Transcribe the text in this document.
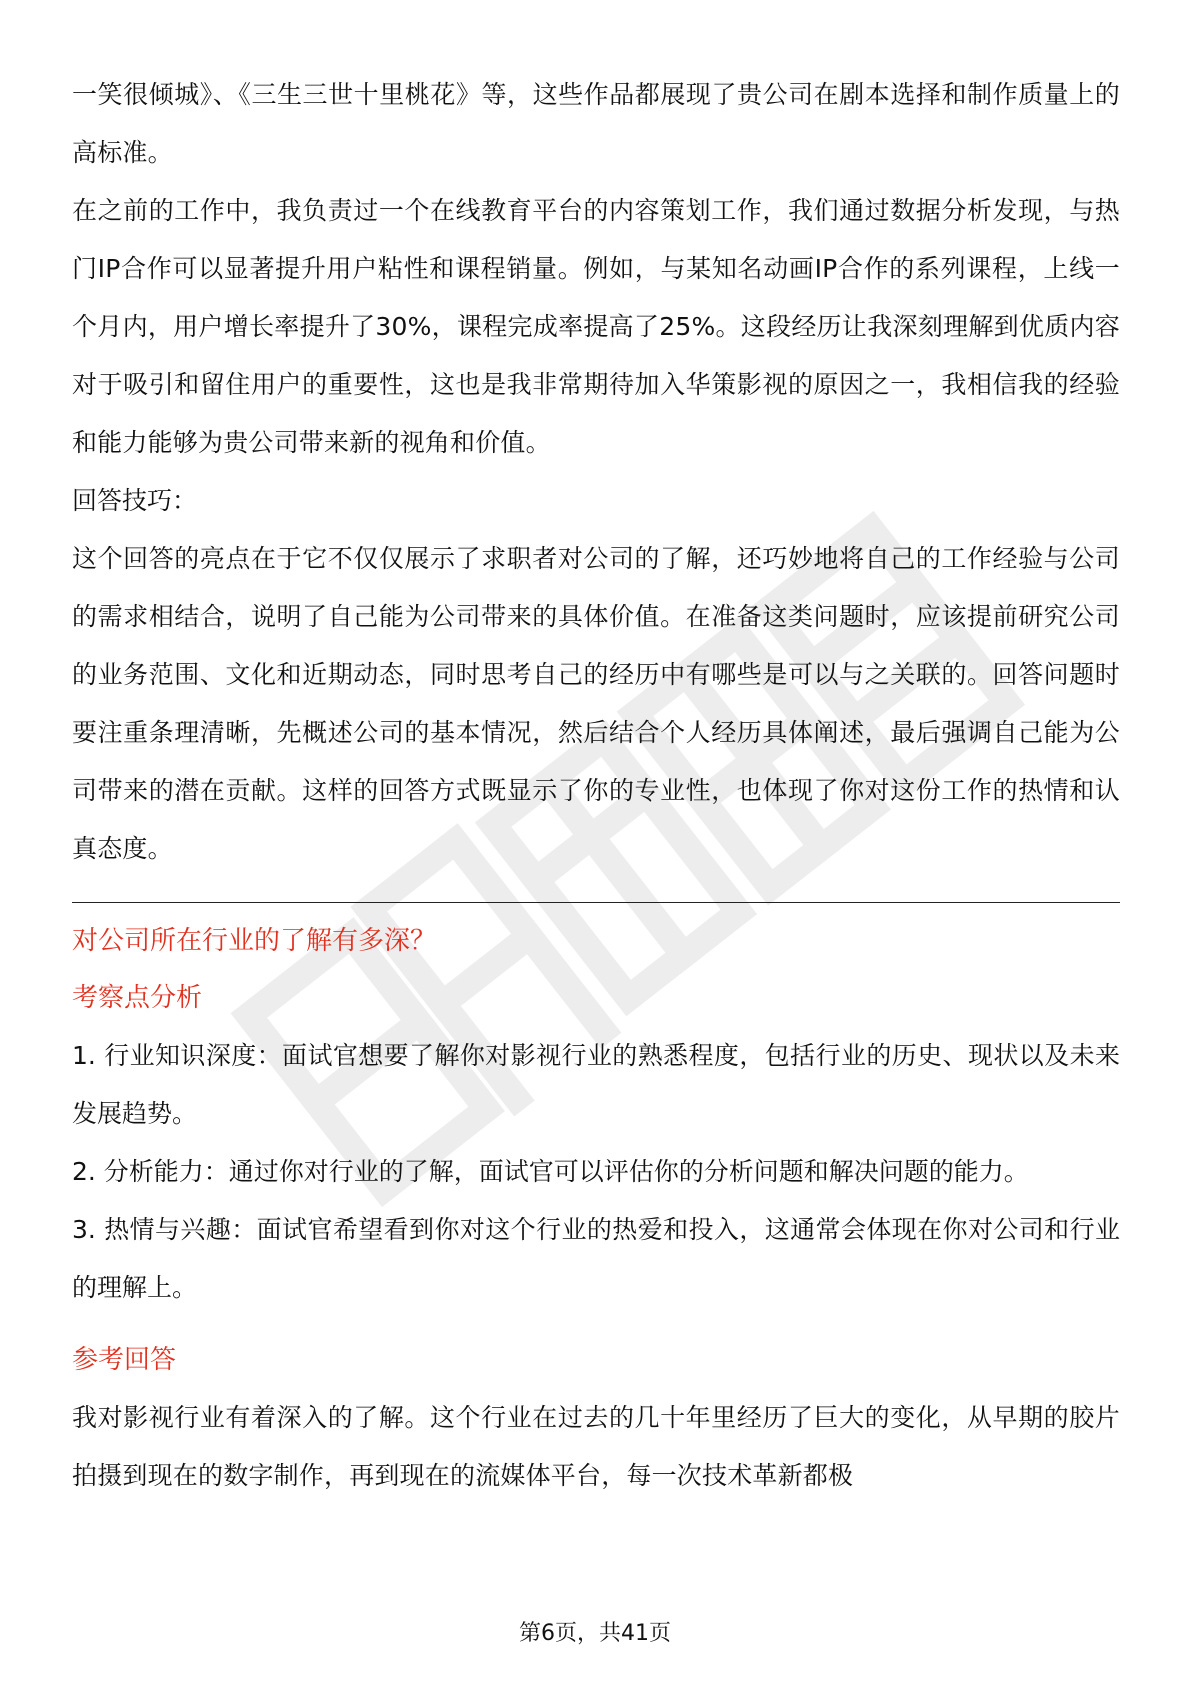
一笑很倾城》、《三生三世十里桃花》等，这些作品都展现了贵公司在剧本选择和制作质量上的高标准。

在之前的工作中，我负责过一个在线教育平台的内容策划工作，我们通过数据分析发现，与热门IP合作可以显著提升用户粘性和课程销量。例如，与某知名动画IP合作的系列课程，上线一个月内，用户增长率提升了30%，课程完成率提高了25%。这段经历让我深刻理解到优质内容对于吸引和留住用户的重要性，这也是我非常期待加入华策影视的原因之一，我相信我的经验和能力能够为贵公司带来新的视角和价值。

回答技巧：

这个回答的亮点在于它不仅仅展示了求职者对公司的了解，还巧妙地将自己的工作经验与公司的需求相结合，说明了自己能为公司带来的具体价值。在准备这类问题时，应该提前研究公司的业务范围、文化和近期动态，同时思考自己的经历中有哪些是可以与之关联的。回答问题时要注重条理清晰，先概述公司的基本情况，然后结合个人经历具体阐述，最后强调自己能为公司带来的潜在贡献。这样的回答方式既显示了你的专业性，也体现了你对这份工作的热情和认真态度。

对公司所在行业的了解有多深？

考察点分析

1. 行业知识深度：面试官想要了解你对影视行业的熟悉程度，包括行业的历史、现状以及未来发展趋势。

2. 分析能力：通过你对行业的了解，面试官可以评估你的分析问题和解决问题的能力。

3. 热情与兴趣：面试官希望看到你对这个行业的热爱和投入，这通常会体现在你对公司和行业的理解上。

参考回答

我对影视行业有着深入的了解。这个行业在过去的几十年里经历了巨大的变化，从早期的胶片拍摄到现在的数字制作，再到现在的流媒体平台，每一次技术革新都极

第6页，共41页
